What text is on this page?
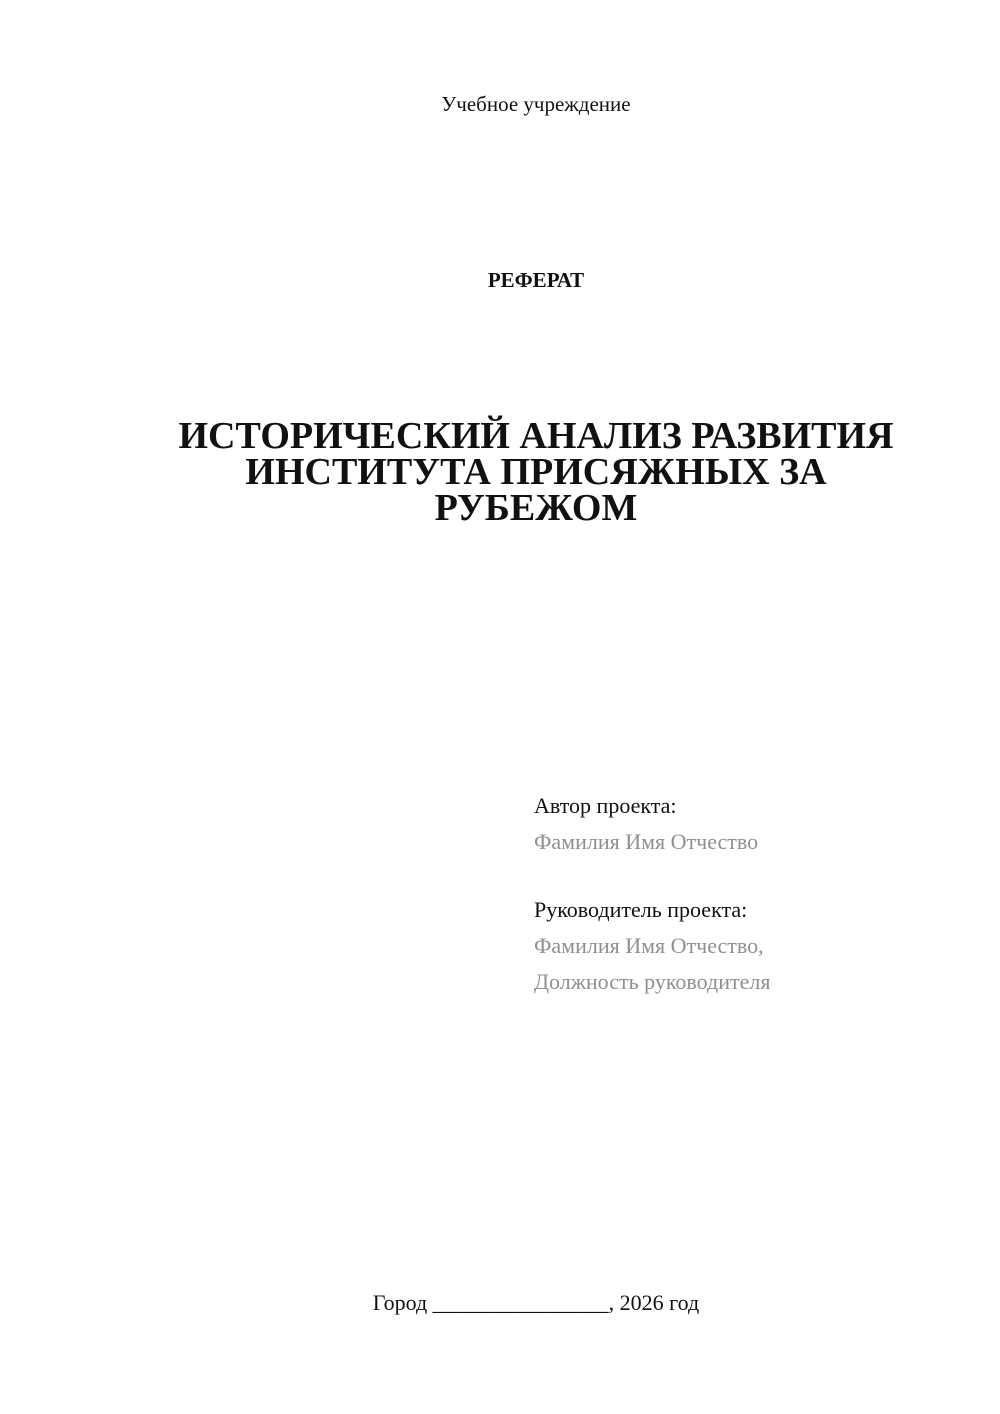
Учебное учреждение
РЕФЕРАТ
ИСТОРИЧЕСКИЙ АНАЛИЗ РАЗВИТИЯ
ИНСТИТУТА ПРИСЯЖНЫХ ЗА
РУБЕЖОМ
Автор проекта:
Фамилия Имя Отчество
Руководитель проекта:
Фамилия Имя Отчество,
Должность руководителя
Город ________________, 2026 год
